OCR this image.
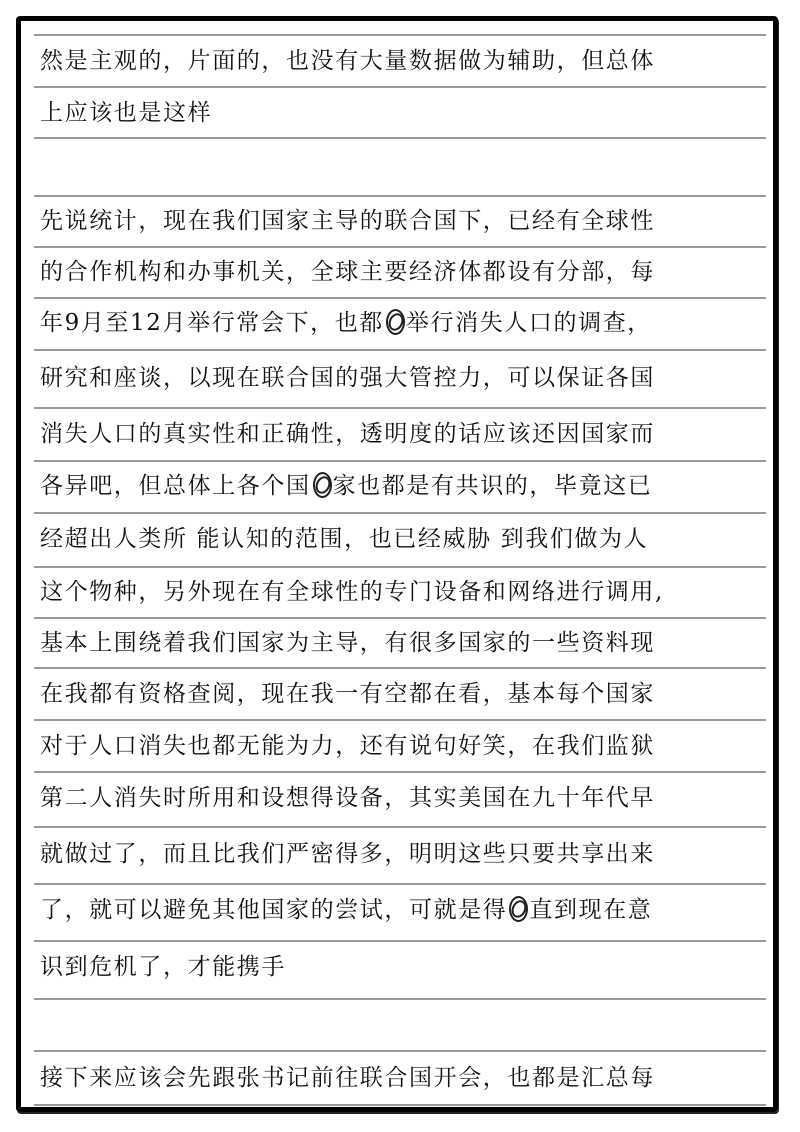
然是主观的，片面的，也没有大量数据做为辅助，但总体
上应该也是这样
先说统计，现在我们国家主导的联合国下，已经有全球性
的合作机构和办事机关，全球主要经济体都设有分部，每
年9月至12月举行常会下，也都 举行消失人口的调查，
研究和座谈，以现在联合国的强大管控力，可以保证各国
消失人口的真实性和正确性，透明度的话应该还因国家而
各异吧，但总体上各个国 家也都是有共识的，毕竟这已
经超出人类所 能认知的范围，也已经威胁 到我们做为人
这个物种，另外现在有全球性的专门设备和网络进行调用,
基本上围绕着我们国家为主导，有很多国家的一些资料现
在我都有资格查阅，现在我一有空都在看，基本每个国家
对于人口消失也都无能为力，还有说句好笑，在我们监狱
第二人消失时所用和设想得设备，其实美国在九十年代早
就做过了，而且比我们严密得多，明明这些只要共享出来
了，就可以避免其他国家的尝试，可就是得 直到现在意
识到危机了，才能携手
接下来应该会先跟张书记前往联合国开会，也都是汇总每
